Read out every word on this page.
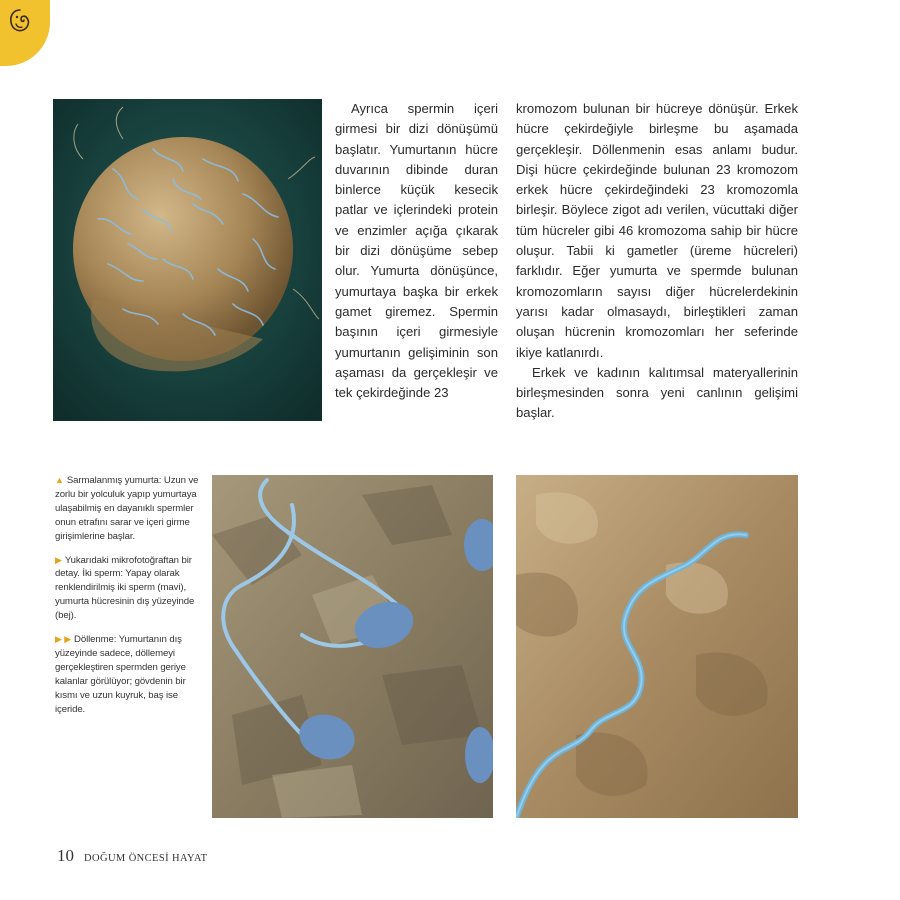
Ayrıca spermin içeri girmesi bir dizi dönüşümü başlatır. Yumurtanın hücre duvarının dibinde duran binlerce küçük kesecik patlar ve içlerindeki protein ve enzimler açığa çıkarak bir dizi dönüşüme sebep olur. Yumurta dönüşünce, yumurtaya başka bir erkek gamet giremez. Spermin başının içeri girmesiyle yumurtanın gelişiminin son aşaması da gerçekleşir ve tek çekirdeğinde 23

kromozom bulunan bir hücreye dönüşür. Erkek hücre çekirdeğiyle birleşme bu aşamada gerçekleşir. Döllenmenin esas anlamı budur. Dişi hücre çekirdeğinde bulunan 23 kromozom erkek hücre çekirdeğindeki 23 kromozomla birleşir. Böylece zigot adı verilen, vücuttaki diğer tüm hücreler gibi 46 kromozoma sahip bir hücre oluşur. Tabii ki gametler (üreme hücreleri) farklıdır. Eğer yumurta ve spermde bulunan kromozomların sayısı diğer hücrelerdekinin yarısı kadar olmasaydı, birleştikleri zaman oluşan hücrenin kromozomları her seferinde ikiye katlanırdı.

Erkek ve kadının kalıtımsal materyallerinin birleşmesinden sonra yeni canlının gelişimi başlar.

▲ Sarmalanmış yumurta: Uzun ve zorlu bir yolculuk yapıp yumurtaya ulaşabilmiş en dayanıklı spermler onun etrafını sarar ve içeri girme girişimlerine başlar.

▶ Yukarıdaki mikrofotoğraftan bir detay. İki sperm: Yapay olarak renklendirilmiş iki sperm (mavi), yumurta hücresinin dış yüzeyinde (bej).

▶ ▶ Döllenme: Yumurtanın dış yüzeyinde sadece, döllemeyi gerçekleştiren spermden geriye kalanlar görülüyor; gövdenin bir kısmı ve uzun kuyruk, baş ise içeride.

10 DOĞUM ÖNCESİ HAYAT
